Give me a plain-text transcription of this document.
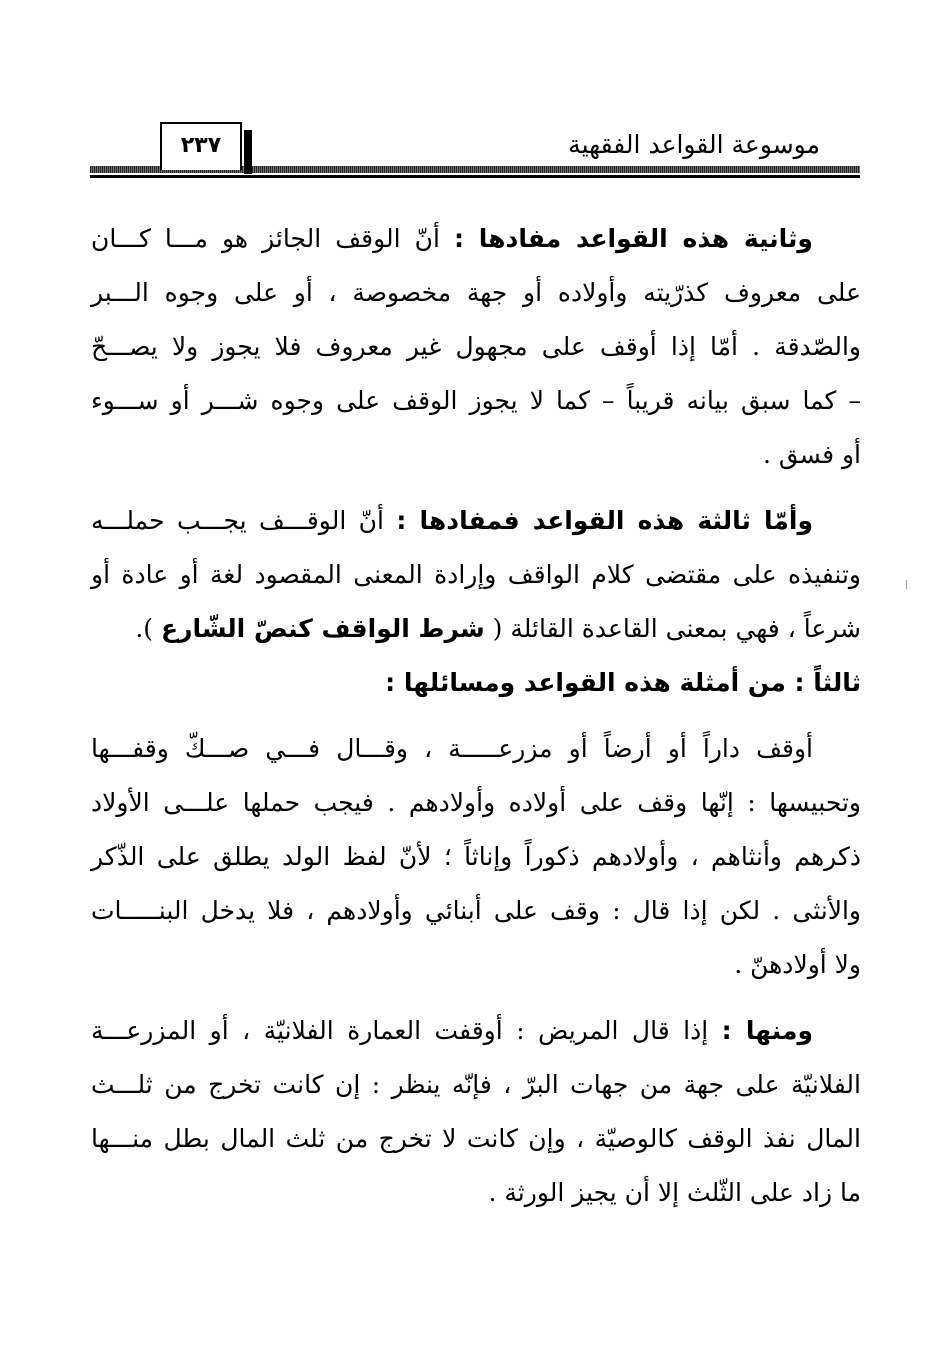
موسوعة القواعد الفقهية
٢٣٧
وثانية هذه القواعد مفادها : أنّ الوقف الجائز هو مـــا كـــان
على معروف كذرّيته وأولاده أو جهة مخصوصة ، أو على وجوه الـــبر
والصّدقة . أمّا إذا أوقف على مجهول غير معروف فلا يجوز ولا يصـــحّ
– كما سبق بيانه قريباً – كما لا يجوز الوقف على وجوه شـــر أو ســـوء
أو فسق .
وأمّا ثالثة هذه القواعد فمفادها : أنّ الوقـــف يجـــب حملـــه
وتنفيذه على مقتضى كلام الواقف وإرادة المعنى المقصود لغة أو عادة أو
شرعاً ، فهي بمعنى القاعدة القائلة ( شرط الواقف كنصّ الشّارع ).
ثالثاً : من أمثلة هذه القواعد ومسائلها :
أوقف داراً أو أرضاً أو مزرعـــــة ، وقـــال فـــي صـــكّ وقفـــها
وتحبيسها : إنّها وقف على أولاده وأولادهم . فيجب حملها علـــى الأولاد
ذكرهم وأنثاهم ، وأولادهم ذكوراً وإناثاً ؛ لأنّ لفظ الولد يطلق على الذّكر
والأنثى . لكن إذا قال : وقف على أبنائي وأولادهم ، فلا يدخل البنـــــات
ولا أولادهنّ .
ومنها : إذا قال المريض : أوقفت العمارة الفلانيّة ، أو المزرعـــة
الفلانيّة على جهة من جهات البرّ ، فإنّه ينظر : إن كانت تخرج من ثلـــث
المال نفذ الوقف كالوصيّة ، وإن كانت لا تخرج من ثلث المال بطل منـــها
ما زاد على الثّلث إلا أن يجيز الورثة .
